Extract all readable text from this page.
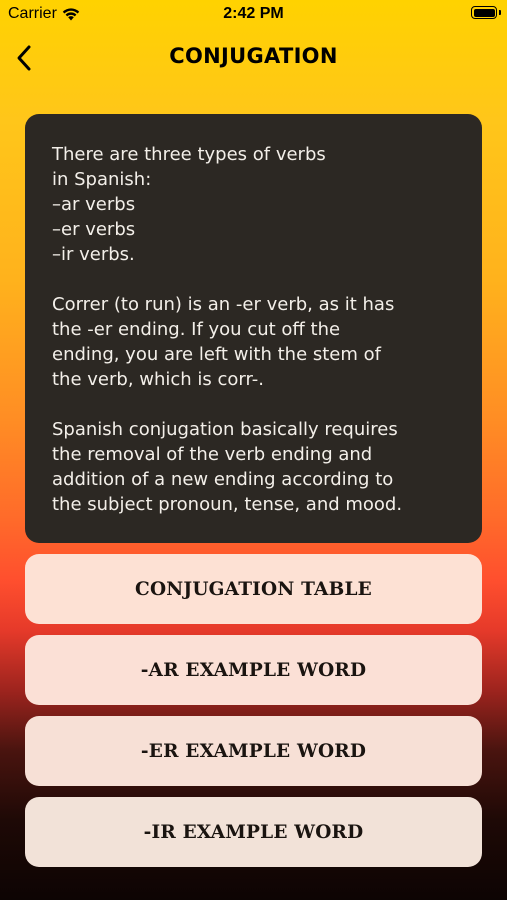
Carrier	2:42 PM
CONJUGATION

There are three types of verbs
in Spanish:
–ar verbs
–er verbs
–ir verbs.

Correr (to run) is an -er verb, as it has
the -er ending. If you cut off the
ending, you are left with the stem of
the verb, which is corr-.

Spanish conjugation basically requires
the removal of the verb ending and
addition of a new ending according to
the subject pronoun, tense, and mood.

CONJUGATION TABLE
-AR EXAMPLE WORD
-ER EXAMPLE WORD
-IR EXAMPLE WORD
